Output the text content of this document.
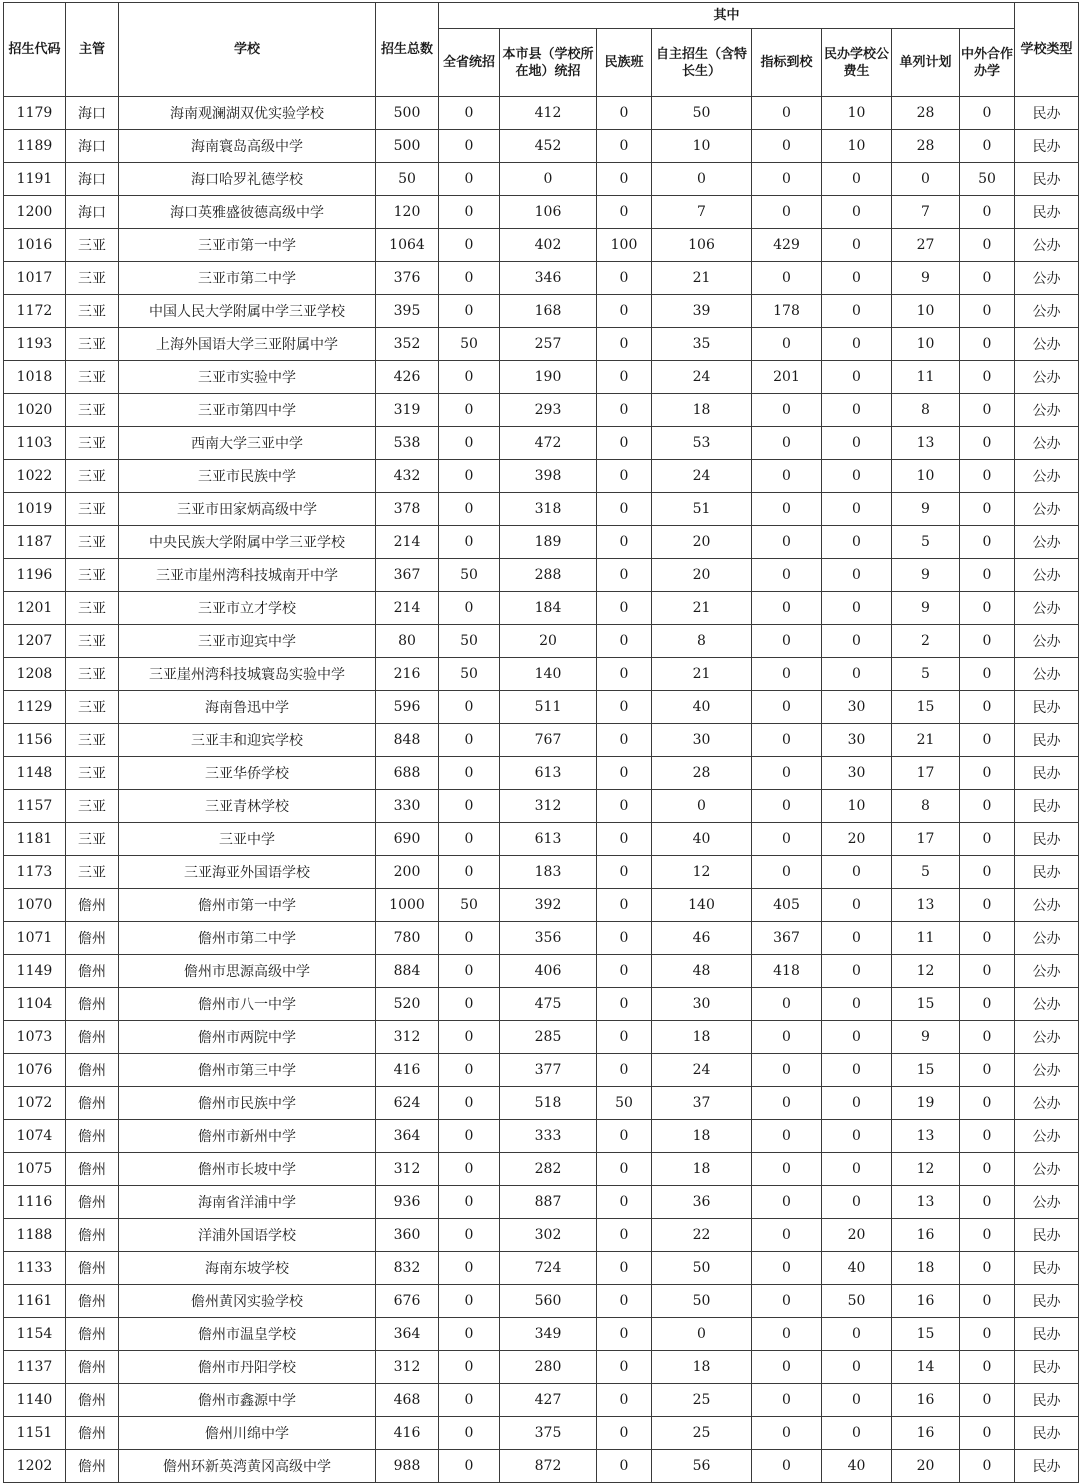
招生代码	主管	学校	招生总数	其中								学校类型
				全省统招	本市县（学校所在地）统招	民族班	自主招生（含特长生）	指标到校	民办学校公费生	单列计划	中外合作办学	
1179	海口	海南观澜湖双优实验学校	500	0	412	0	50	0	10	28	0	民办
1189	海口	海南寰岛高级中学	500	0	452	0	10	0	10	28	0	民办
1191	海口	海口哈罗礼德学校	50	0	0	0	0	0	0	0	50	民办
1200	海口	海口英雅盛彼德高级中学	120	0	106	0	7	0	0	7	0	民办
1016	三亚	三亚市第一中学	1064	0	402	100	106	429	0	27	0	公办
1017	三亚	三亚市第二中学	376	0	346	0	21	0	0	9	0	公办
1172	三亚	中国人民大学附属中学三亚学校	395	0	168	0	39	178	0	10	0	公办
1193	三亚	上海外国语大学三亚附属中学	352	50	257	0	35	0	0	10	0	公办
1018	三亚	三亚市实验中学	426	0	190	0	24	201	0	11	0	公办
1020	三亚	三亚市第四中学	319	0	293	0	18	0	0	8	0	公办
1103	三亚	西南大学三亚中学	538	0	472	0	53	0	0	13	0	公办
1022	三亚	三亚市民族中学	432	0	398	0	24	0	0	10	0	公办
1019	三亚	三亚市田家炳高级中学	378	0	318	0	51	0	0	9	0	公办
1187	三亚	中央民族大学附属中学三亚学校	214	0	189	0	20	0	0	5	0	公办
1196	三亚	三亚市崖州湾科技城南开中学	367	50	288	0	20	0	0	9	0	公办
1201	三亚	三亚市立才学校	214	0	184	0	21	0	0	9	0	公办
1207	三亚	三亚市迎宾中学	80	50	20	0	8	0	0	2	0	公办
1208	三亚	三亚崖州湾科技城寰岛实验中学	216	50	140	0	21	0	0	5	0	公办
1129	三亚	海南鲁迅中学	596	0	511	0	40	0	30	15	0	民办
1156	三亚	三亚丰和迎宾学校	848	0	767	0	30	0	30	21	0	民办
1148	三亚	三亚华侨学校	688	0	613	0	28	0	30	17	0	民办
1157	三亚	三亚青林学校	330	0	312	0	0	0	10	8	0	民办
1181	三亚	三亚中学	690	0	613	0	40	0	20	17	0	民办
1173	三亚	三亚海亚外国语学校	200	0	183	0	12	0	0	5	0	民办
1070	儋州	儋州市第一中学	1000	50	392	0	140	405	0	13	0	公办
1071	儋州	儋州市第二中学	780	0	356	0	46	367	0	11	0	公办
1149	儋州	儋州市思源高级中学	884	0	406	0	48	418	0	12	0	公办
1104	儋州	儋州市八一中学	520	0	475	0	30	0	0	15	0	公办
1073	儋州	儋州市两院中学	312	0	285	0	18	0	0	9	0	公办
1076	儋州	儋州市第三中学	416	0	377	0	24	0	0	15	0	公办
1072	儋州	儋州市民族中学	624	0	518	50	37	0	0	19	0	公办
1074	儋州	儋州市新州中学	364	0	333	0	18	0	0	13	0	公办
1075	儋州	儋州市长坡中学	312	0	282	0	18	0	0	12	0	公办
1116	儋州	海南省洋浦中学	936	0	887	0	36	0	0	13	0	公办
1188	儋州	洋浦外国语学校	360	0	302	0	22	0	20	16	0	民办
1133	儋州	海南东坡学校	832	0	724	0	50	0	40	18	0	民办
1161	儋州	儋州黄冈实验学校	676	0	560	0	50	0	50	16	0	民办
1154	儋州	儋州市温皇学校	364	0	349	0	0	0	0	15	0	民办
1137	儋州	儋州市丹阳学校	312	0	280	0	18	0	0	14	0	民办
1140	儋州	儋州市鑫源中学	468	0	427	0	25	0	0	16	0	民办
1151	儋州	儋州川绵中学	416	0	375	0	25	0	0	16	0	民办
1202	儋州	儋州环新英湾黄冈高级中学	988	0	872	0	56	0	40	20	0	民办
